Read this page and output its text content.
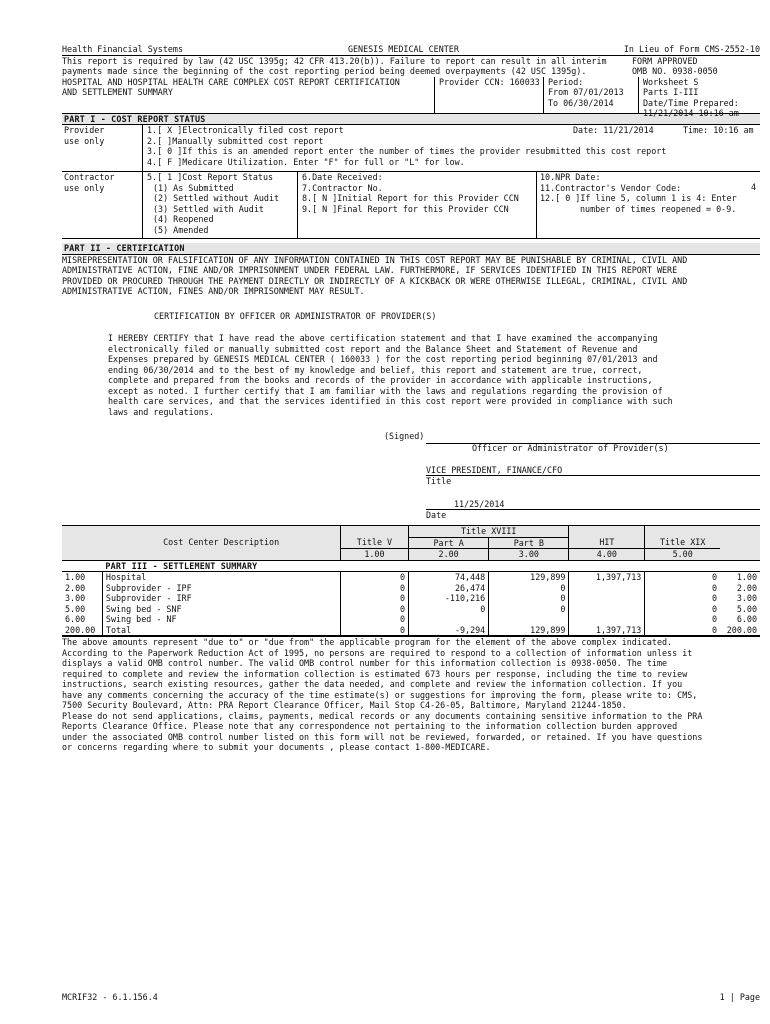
Health Financial Systems	GENESIS MEDICAL CENTER	In Lieu of Form CMS-2552-10
This report is required by law (42 USC 1395g; 42 CFR 413.20(b)). Failure to report can result in all interim
payments made since the beginning of the cost reporting period being deemed overpayments (42 USC 1395g).
FORM APPROVED
OMB NO. 0938-0050
HOSPITAL AND HOSPITAL HEALTH CARE COMPLEX COST REPORT CERTIFICATION
AND SETTLEMENT SUMMARY
Provider CCN: 160033 Period:
From 07/01/2013
To 06/30/2014
Worksheet S
Parts I-III
Date/Time Prepared:
11/21/2014 10:16 am
PART I - COST REPORT STATUS
Provider
use only
1.[ X ]Electronically filed cost report
2.[ ]Manually submitted cost report
3.[ 0 ]If this is an amended report enter the number of times the provider resubmitted this cost report
4.[ F ]Medicare Utilization. Enter "F" for full or "L" for low.
Date: 11/21/2014	Time: 10:16 am
Contractor
use only
5.[ 1 ]Cost Report Status
(1) As Submitted
(2) Settled without Audit
(3) Settled with Audit
(4) Reopened
(5) Amended
6.Date Received:
7.Contractor No.
8.[ N ]Initial Report for this Provider CCN
9.[ N ]Final Report for this Provider CCN
10.NPR Date:
11.Contractor's Vendor Code:	4
12.[ 0 ]If line 5, column 1 is 4: Enter
number of times reopened = 0-9.
PART II - CERTIFICATION
MISREPRESENTATION OR FALSIFICATION OF ANY INFORMATION CONTAINED IN THIS COST REPORT MAY BE PUNISHABLE BY CRIMINAL, CIVIL AND
ADMINISTRATIVE ACTION, FINE AND/OR IMPRISONMENT UNDER FEDERAL LAW. FURTHERMORE, IF SERVICES IDENTIFIED IN THIS REPORT WERE
PROVIDED OR PROCURED THROUGH THE PAYMENT DIRECTLY OR INDIRECTLY OF A KICKBACK OR WERE OTHERWISE ILLEGAL, CRIMINAL, CIVIL AND
ADMINISTRATIVE ACTION, FINES AND/OR IMPRISONMENT MAY RESULT.
CERTIFICATION BY OFFICER OR ADMINISTRATOR OF PROVIDER(S)
I HEREBY CERTIFY that I have read the above certification statement and that I have examined the accompanying
electronically filed or manually submitted cost report and the Balance Sheet and Statement of Revenue and
Expenses prepared by GENESIS MEDICAL CENTER ( 160033 ) for the cost reporting period beginning 07/01/2013 and
ending 06/30/2014 and to the best of my knowledge and belief, this report and statement are true, correct,
complete and prepared from the books and records of the provider in accordance with applicable instructions,
except as noted. I further certify that I am familiar with the laws and regulations regarding the provision of
health care services, and that the services identified in this cost report were provided in compliance with such
laws and regulations.
(Signed)
Officer or Administrator of Provider(s)
VICE PRESIDENT, FINANCE/CFO
Title
11/25/2014
Date
			Title XVIII				
	Cost Center Description	Title V	Part A	Part B	HIT	Title XIX	
		1.00	2.00	3.00	4.00	5.00	
	PART III - SETTLEMENT SUMMARY						
1.00	Hospital	0	74,448	129,899	1,397,713	0	1.00
2.00	Subprovider - IPF	0	26,474	0		0	2.00
3.00	Subprovider - IRF	0	-110,216	0		0	3.00
5.00	Swing bed - SNF	0	0	0		0	5.00
6.00	Swing bed - NF	0				0	6.00
200.00	Total	0	-9,294	129,899	1,397,713	0	200.00
The above amounts represent "due to" or "due from" the applicable program for the element of the above complex indicated.
According to the Paperwork Reduction Act of 1995, no persons are required to respond to a collection of information unless it
displays a valid OMB control number. The valid OMB control number for this information collection is 0938-0050. The time
required to complete and review the information collection is estimated 673 hours per response, including the time to review
instructions, search existing resources, gather the data needed, and complete and review the information collection. If you
have any comments concerning the accuracy of the time estimate(s) or suggestions for improving the form, please write to: CMS,
7500 Security Boulevard, Attn: PRA Report Clearance Officer, Mail Stop C4-26-05, Baltimore, Maryland 21244-1850.
Please do not send applications, claims, payments, medical records or any documents containing sensitive information to the PRA
Reports Clearance Office. Please note that any correspondence not pertaining to the information collection burden approved
under the associated OMB control number listed on this form will not be reviewed, forwarded, or retained. If you have questions
or concerns regarding where to submit your documents , please contact 1-800-MEDICARE.
MCRIF32 - 6.1.156.4	1 | Page
